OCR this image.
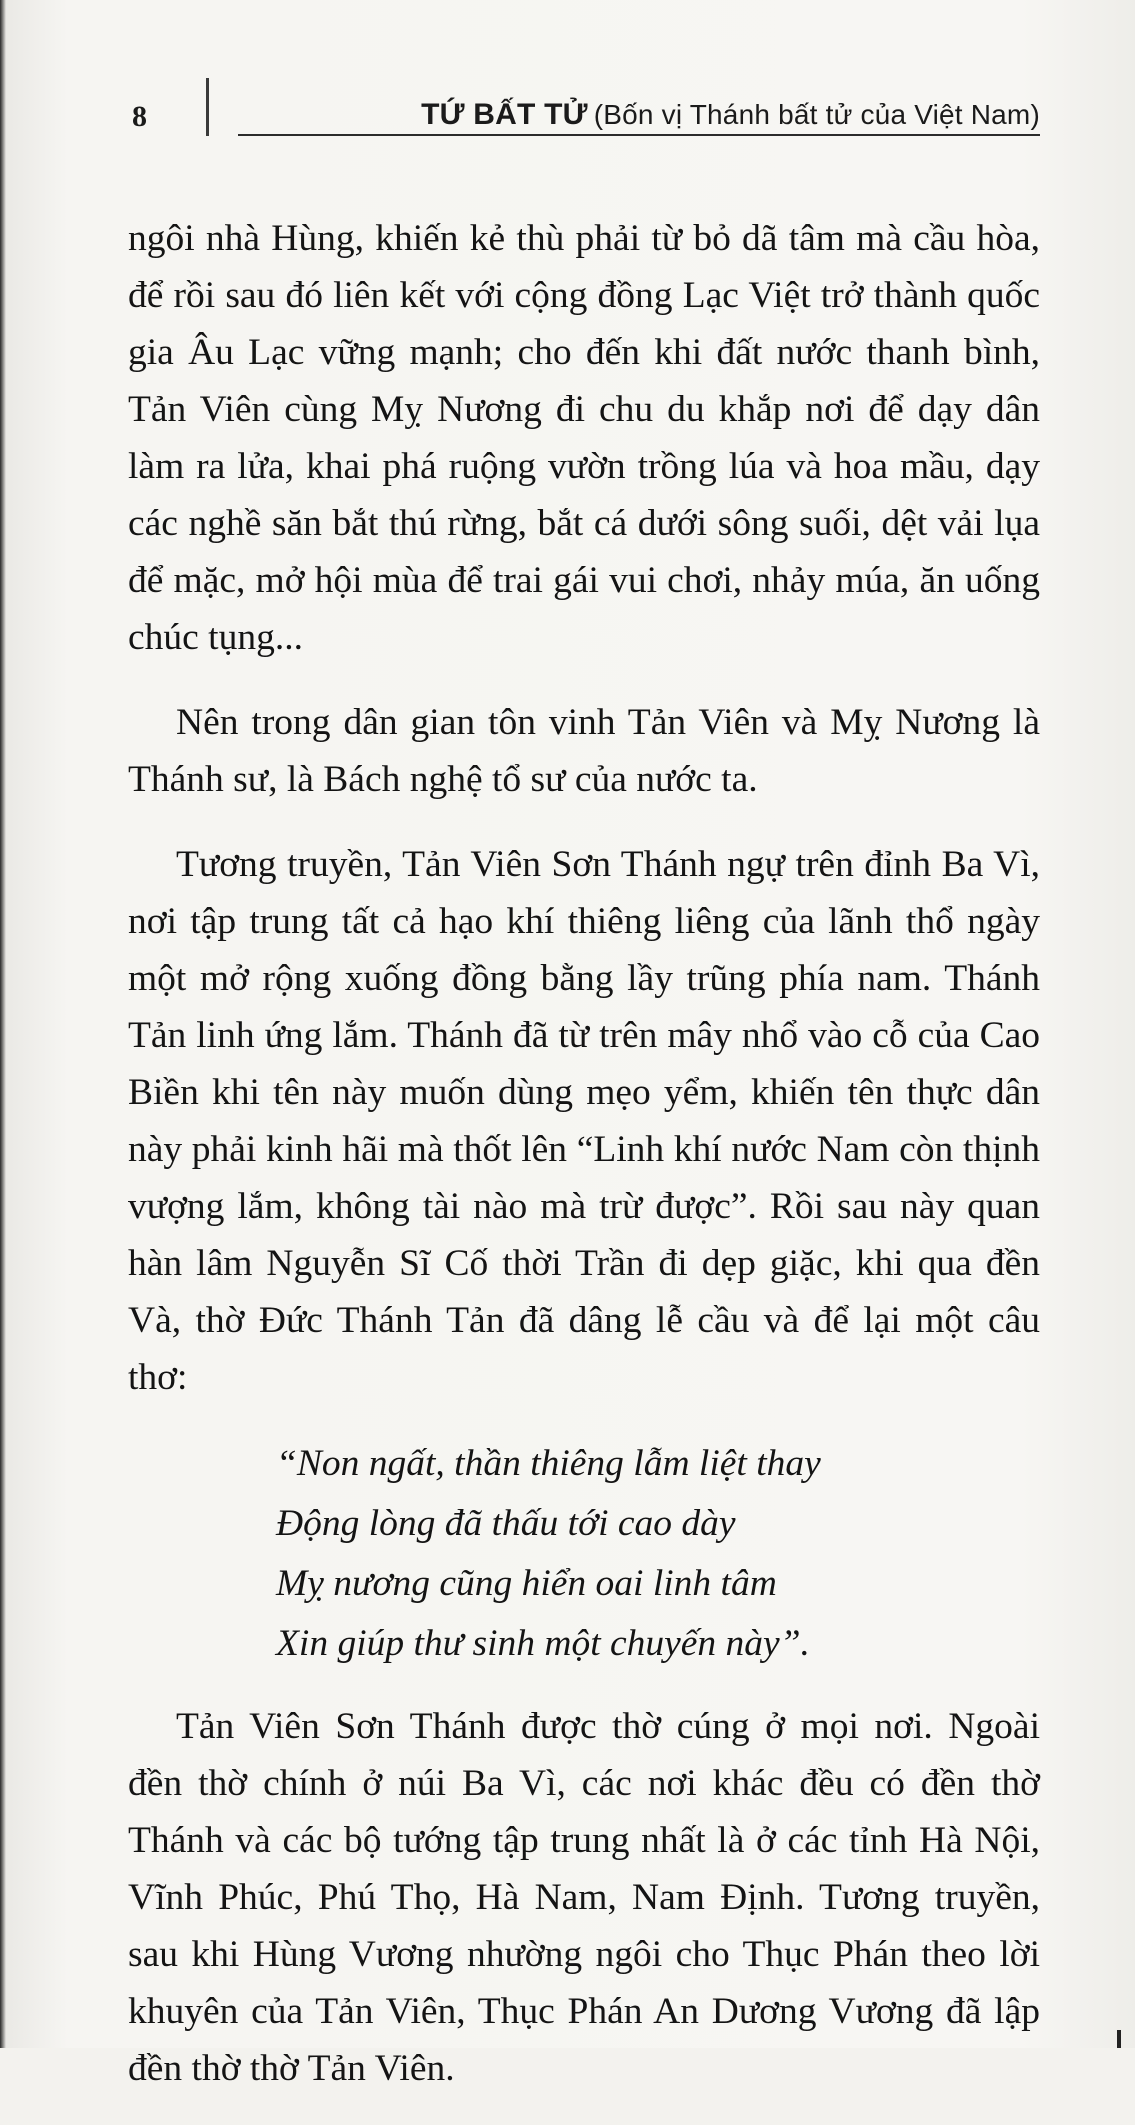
8	TỨ BẤT TỬ (Bốn vị Thánh bất tử của Việt Nam)

ngôi nhà Hùng, khiến kẻ thù phải từ bỏ dã tâm mà cầu hòa, để rồi sau đó liên kết với cộng đồng Lạc Việt trở thành quốc gia Âu Lạc vững mạnh; cho đến khi đất nước thanh bình, Tản Viên cùng Mỵ Nương đi chu du khắp nơi để dạy dân làm ra lửa, khai phá ruộng vườn trồng lúa và hoa mầu, dạy các nghề săn bắt thú rừng, bắt cá dưới sông suối, dệt vải lụa để mặc, mở hội mùa để trai gái vui chơi, nhảy múa, ăn uống chúc tụng...

Nên trong dân gian tôn vinh Tản Viên và Mỵ Nương là Thánh sư, là Bách nghệ tổ sư của nước ta.

Tương truyền, Tản Viên Sơn Thánh ngự trên đỉnh Ba Vì, nơi tập trung tất cả hạo khí thiêng liêng của lãnh thổ ngày một mở rộng xuống đồng bằng lầy trũng phía nam. Thánh Tản linh ứng lắm. Thánh đã từ trên mây nhổ vào cỗ của Cao Biền khi tên này muốn dùng mẹo yểm, khiến tên thực dân này phải kinh hãi mà thốt lên “Linh khí nước Nam còn thịnh vượng lắm, không tài nào mà trừ được”. Rồi sau này quan hàn lâm Nguyễn Sĩ Cố thời Trần đi dẹp giặc, khi qua đền Và, thờ Đức Thánh Tản đã dâng lễ cầu và để lại một câu thơ:

“Non ngất, thần thiêng lẫm liệt thay
Động lòng đã thấu tới cao dày
Mỵ nương cũng hiển oai linh tâm
Xin giúp thư sinh một chuyến này”.

Tản Viên Sơn Thánh được thờ cúng ở mọi nơi. Ngoài đền thờ chính ở núi Ba Vì, các nơi khác đều có đền thờ Thánh và các bộ tướng tập trung nhất là ở các tỉnh Hà Nội, Vĩnh Phúc, Phú Thọ, Hà Nam, Nam Định. Tương truyền, sau khi Hùng Vương nhường ngôi cho Thục Phán theo lời khuyên của Tản Viên, Thục Phán An Dương Vương đã lập đền thờ thờ Tản Viên.
